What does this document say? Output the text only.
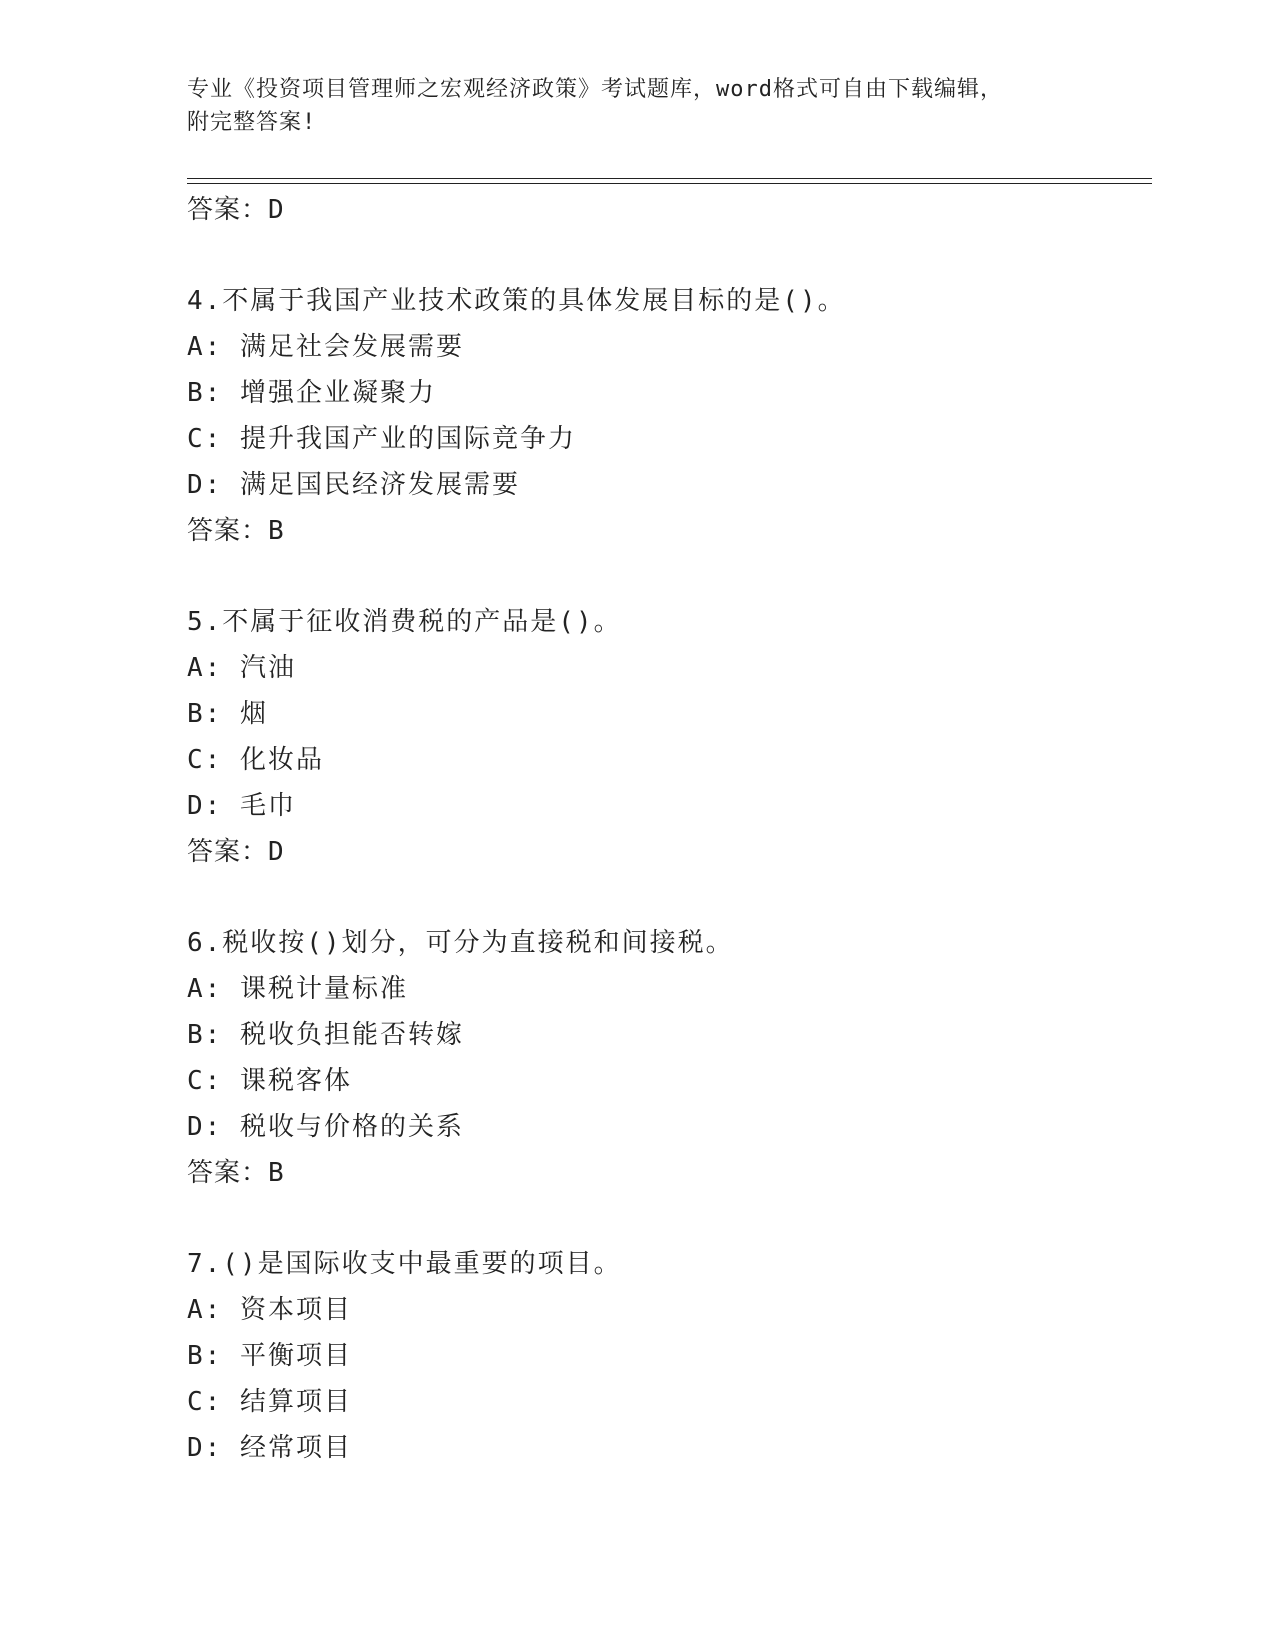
专业《投资项目管理师之宏观经济政策》考试题库，word格式可自由下载编辑，
附完整答案!
答案：D
4.不属于我国产业技术政策的具体发展目标的是()。
A: 满足社会发展需要
B: 增强企业凝聚力
C: 提升我国产业的国际竞争力
D: 满足国民经济发展需要
答案：B
5.不属于征收消费税的产品是()。
A: 汽油
B: 烟
C: 化妆品
D: 毛巾
答案：D
6.税收按()划分，可分为直接税和间接税。
A: 课税计量标准
B: 税收负担能否转嫁
C: 课税客体
D: 税收与价格的关系
答案：B
7.()是国际收支中最重要的项目。
A: 资本项目
B: 平衡项目
C: 结算项目
D: 经常项目
